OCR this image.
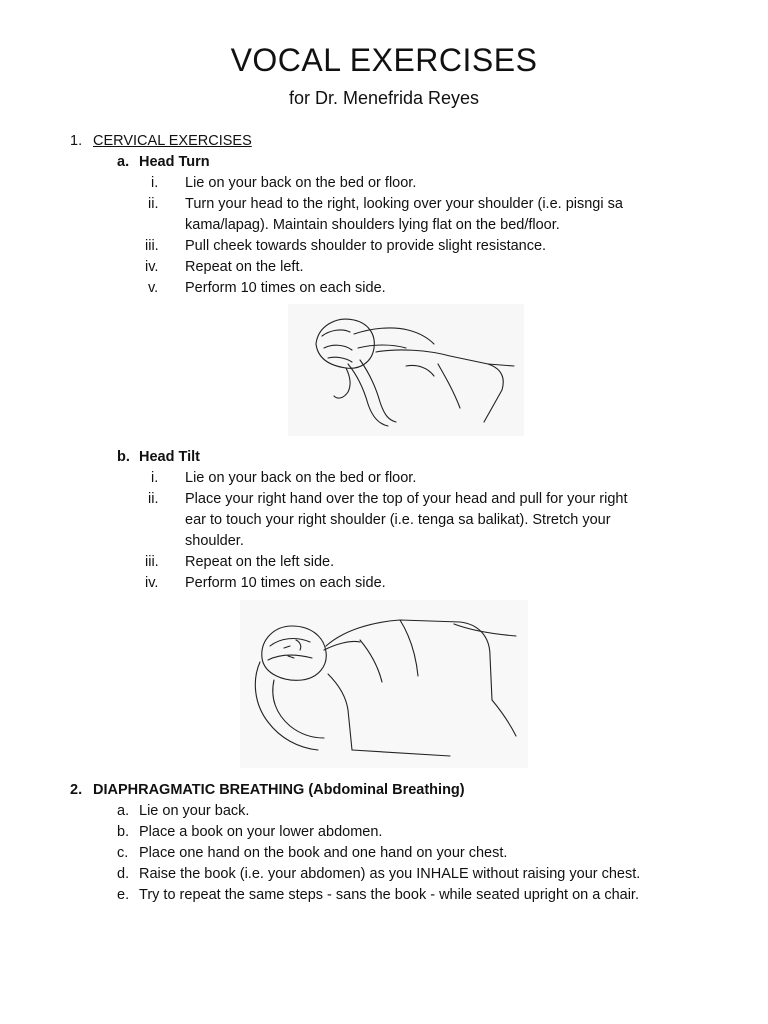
VOCAL EXERCISES

for Dr. Menefrida Reyes

1. CERVICAL EXERCISES
a. Head Turn
i. Lie on your back on the bed or floor.
ii. Turn your head to the right, looking over your shoulder (i.e. pisngi sa
kama/lapag). Maintain shoulders lying flat on the bed/floor.
iii. Pull cheek towards shoulder to provide slight resistance.
iv. Repeat on the left.
v. Perform 10 times on each side.
b. Head Tilt
i. Lie on your back on the bed or floor.
ii. Place your right hand over the top of your head and pull for your right
ear to touch your right shoulder (i.e. tenga sa balikat). Stretch your
shoulder.
iii. Repeat on the left side.
iv. Perform 10 times on each side.
2. DIAPHRAGMATIC BREATHING (Abdominal Breathing)
a. Lie on your back.
b. Place a book on your lower abdomen.
c. Place one hand on the book and one hand on your chest.
d. Raise the book (i.e. your abdomen) as you INHALE without raising your chest.
e. Try to repeat the same steps - sans the book - while seated upright on a chair.
